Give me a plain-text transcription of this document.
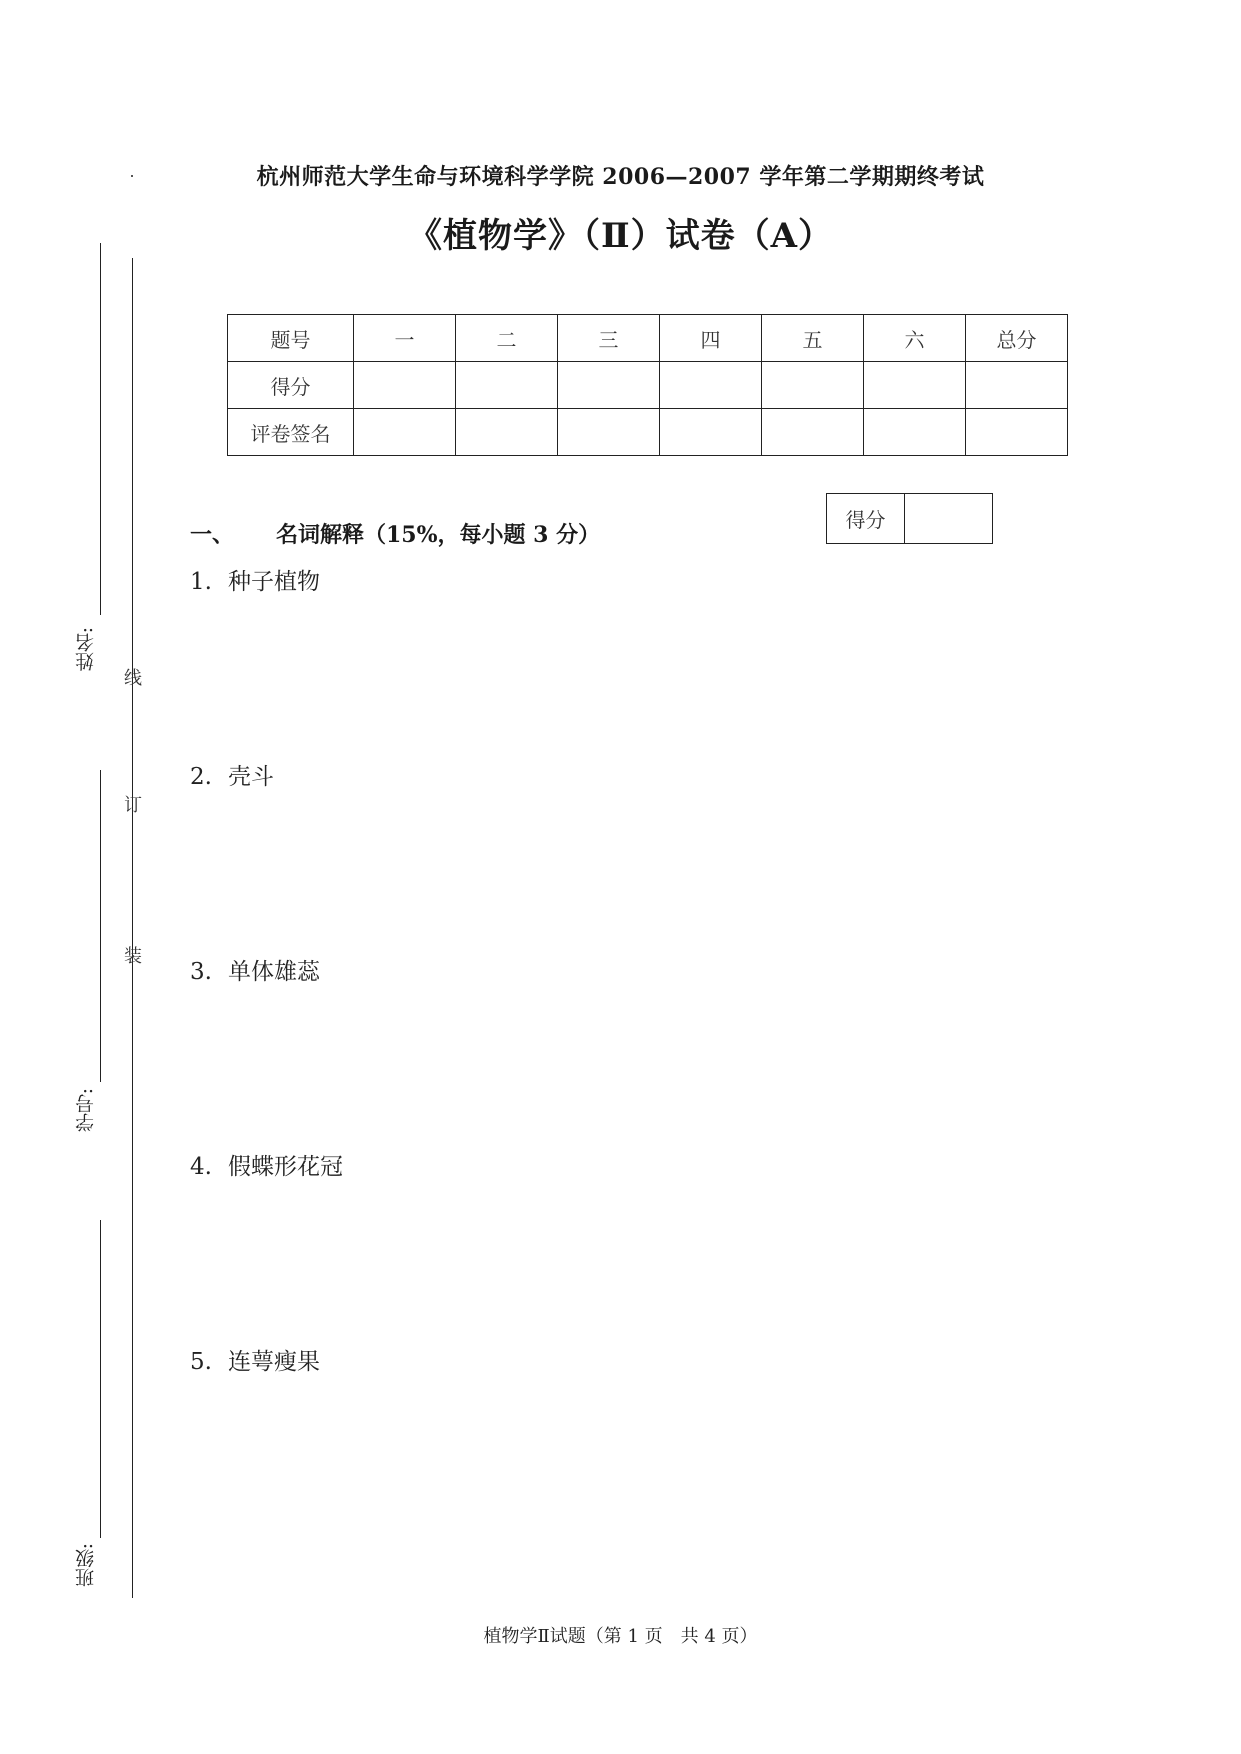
杭州师范大学生命与环境科学学院 2006—2007 学年第二学期期终考试
《植物学》（Ⅱ）试卷（A）
题号	一	二	三	四	五	六	总分
得分							
评卷签名							
一、 名词解释（15%，每小题 3 分）
得分	
1. 种子植物
2. 壳斗
3. 单体雄蕊
4. 假蝶形花冠
5. 连萼瘦果
姓名:
学号:
班级:
线
订
装
植物学Ⅱ试题（第 1 页　共 4 页）
